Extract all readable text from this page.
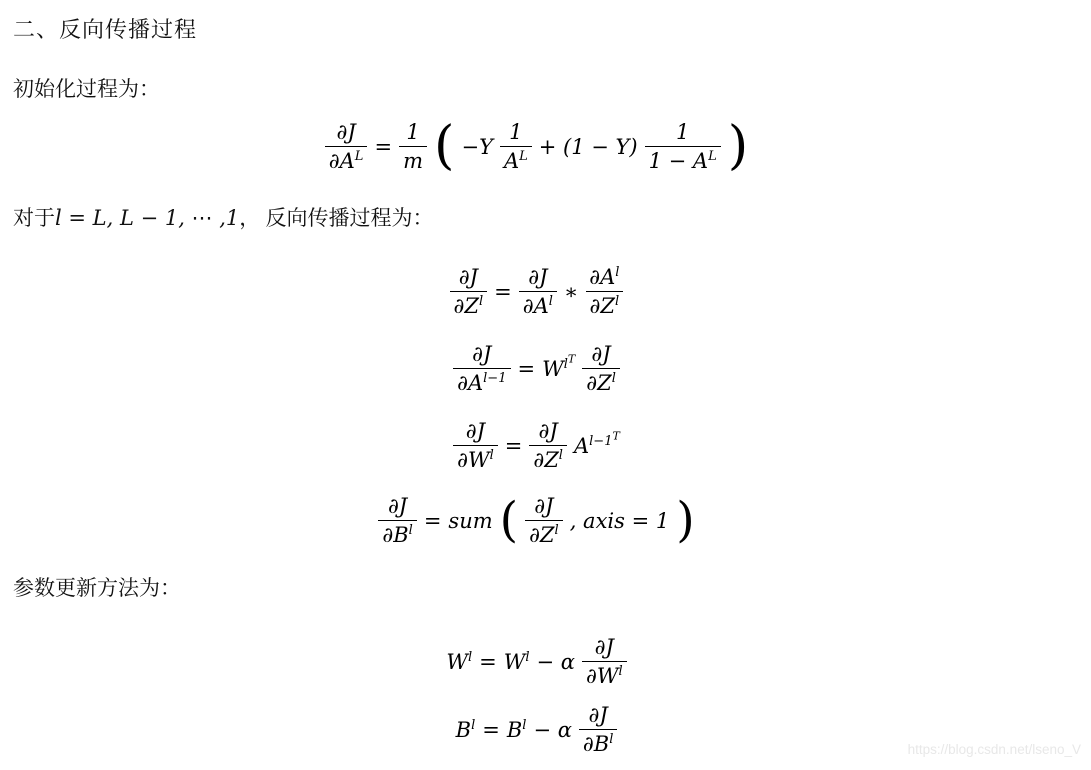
二、反向传播过程
初始化过程为：
$\frac{\partial J}{\partial A^L} = \frac{1}{m}$ ( $-Y \frac{1}{A^L} + (1 - Y) \frac{1}{1 - A^L}$ )
对于l = L, L − 1, ⋯ ,1， 反向传播过程为：
$\frac{\partial J}{\partial Z^l} = \frac{\partial J}{\partial A^l}$ ∗ $\frac{\partial A^l}{\partial Z^l}$
$\frac{\partial J}{\partial A^{l-1}} = W^{l^T} \frac{\partial J}{\partial Z^l}$
$\frac{\partial J}{\partial W^l} = \frac{\partial J}{\partial Z^l} A^{l-1^T}$
$\frac{\partial J}{\partial B^l}$ = sum ( $\frac{\partial J}{\partial Z^l}$ , axis = 1 )
参数更新方法为：
$W^l = W^l - \alpha \frac{\partial J}{\partial W^l}$
$B^l = B^l - \alpha \frac{\partial J}{\partial B^l}$	https://blog.csdn.net/lseno_V
